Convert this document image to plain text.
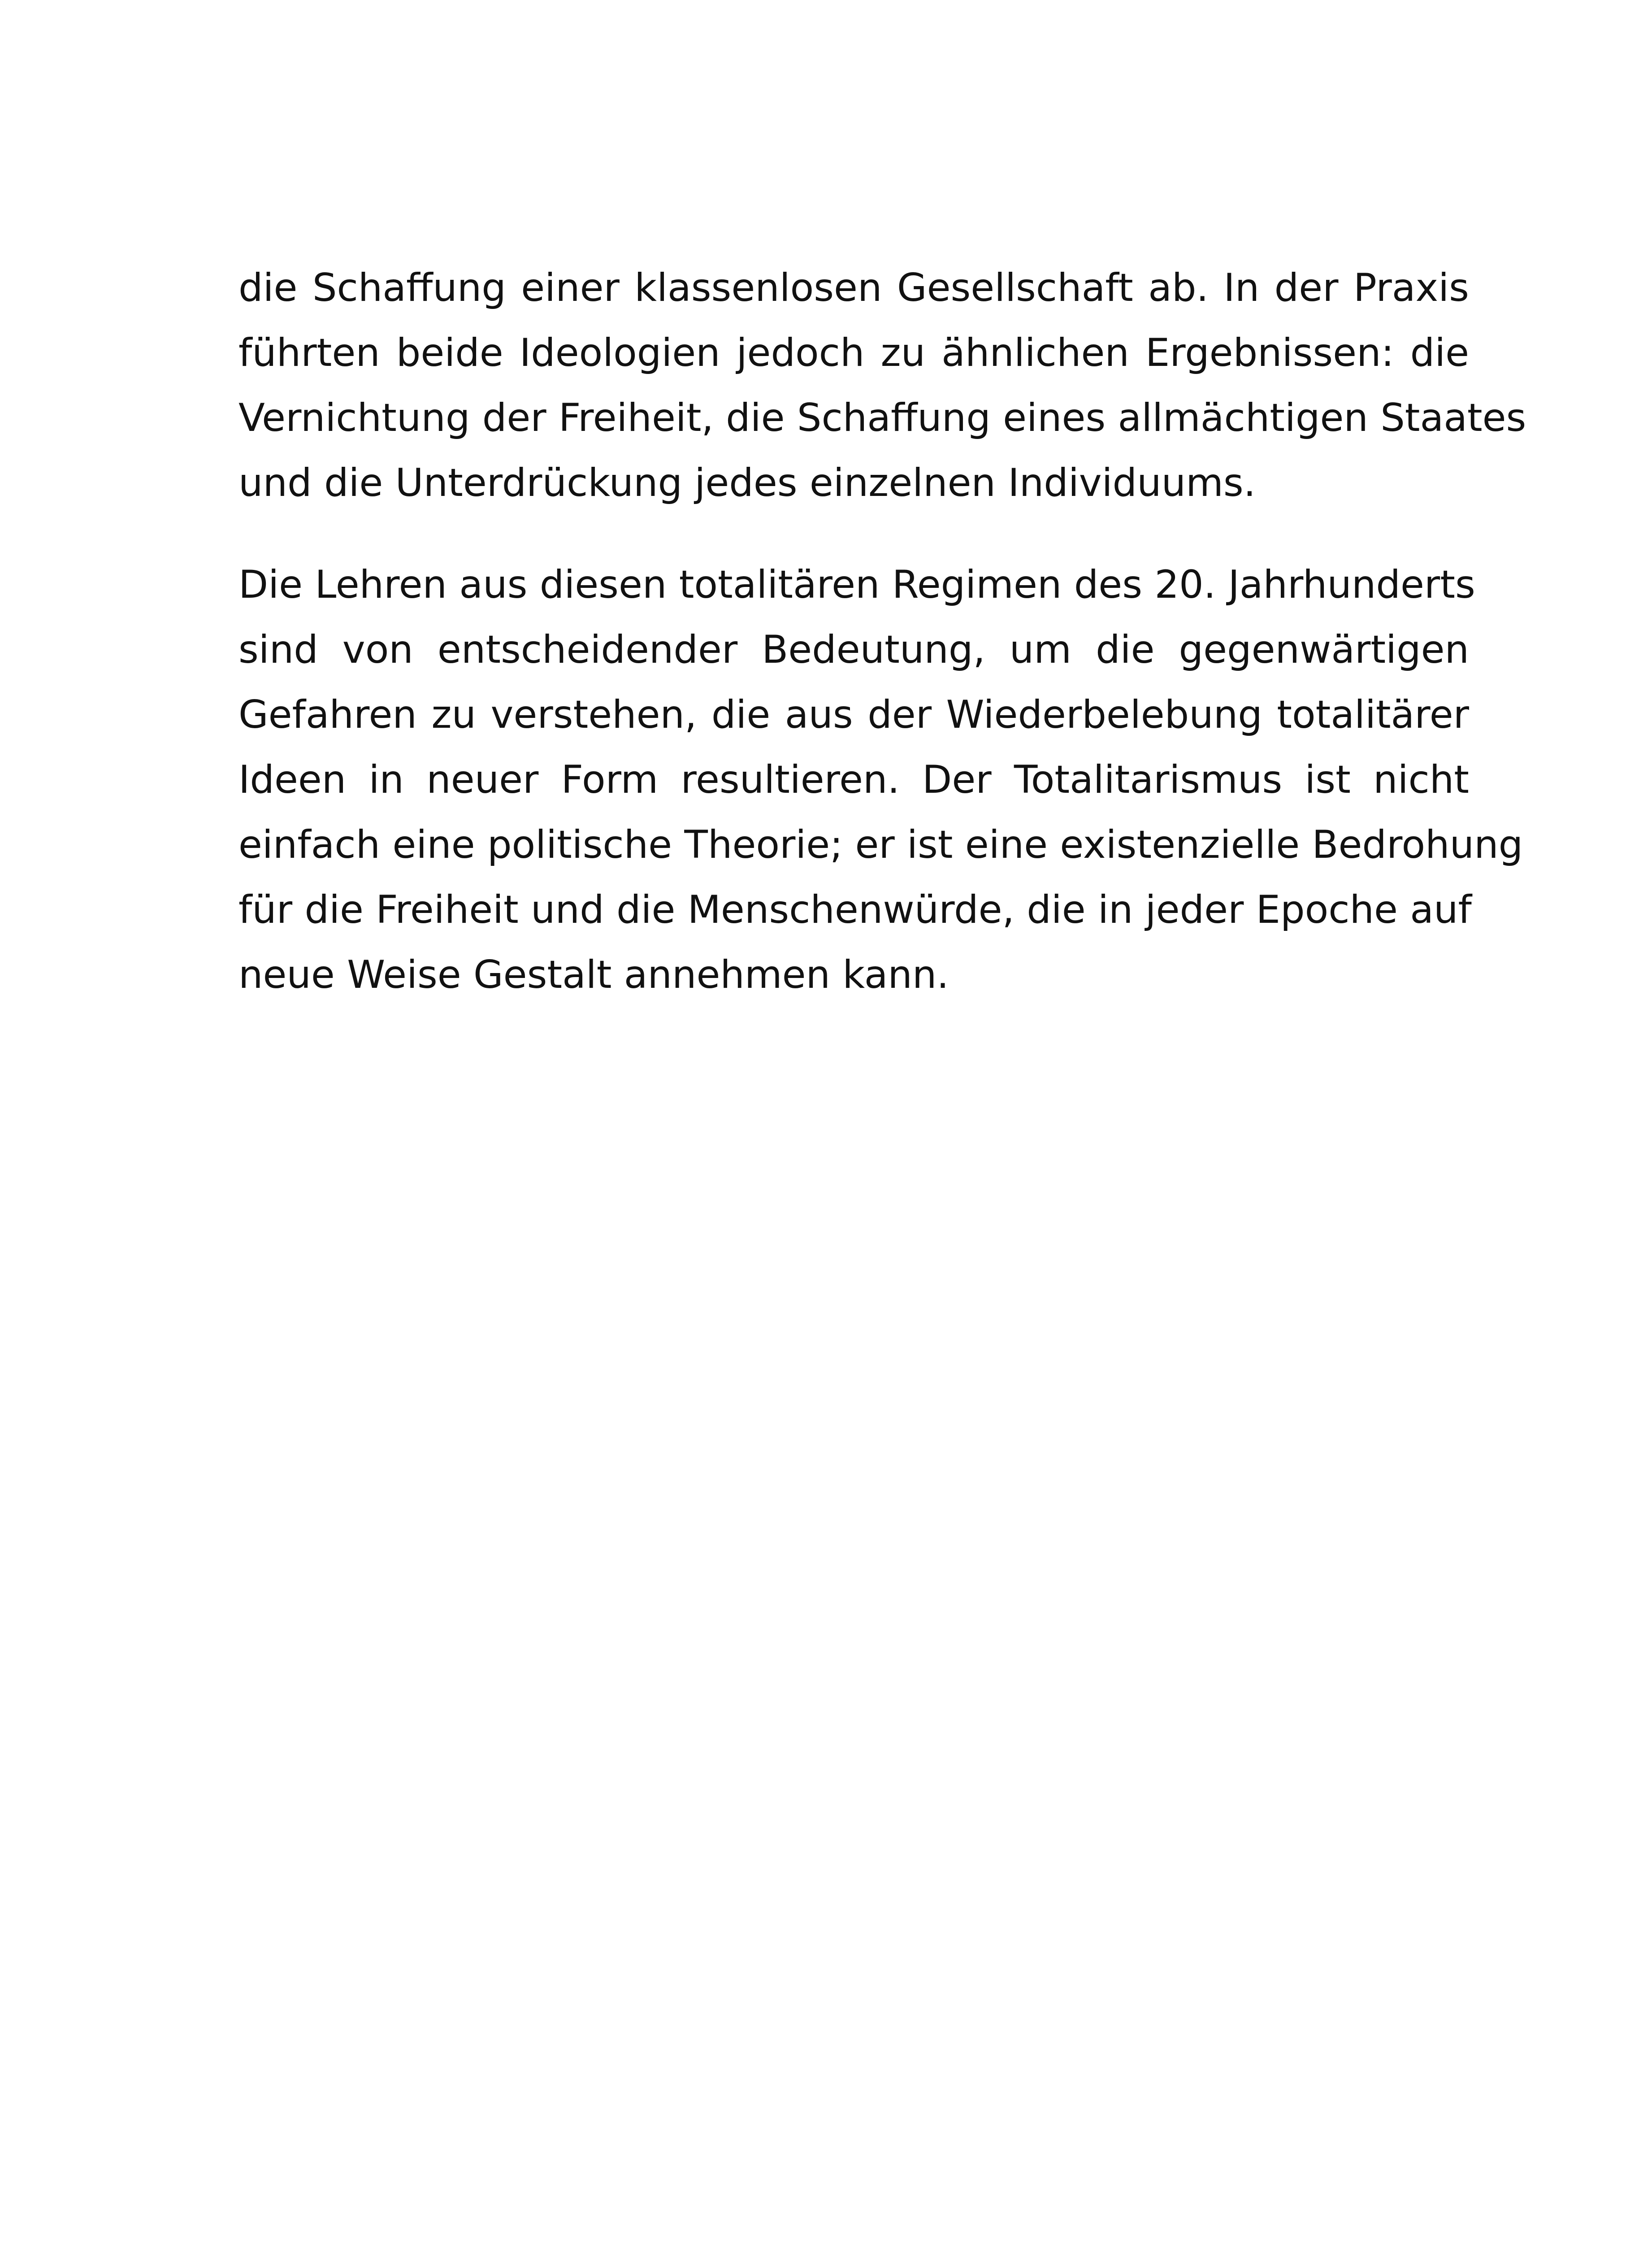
die Schaffung einer klassenlosen Gesellschaft ab. In der Praxis
führten beide Ideologien jedoch zu ähnlichen Ergebnissen: die
Vernichtung der Freiheit, die Schaffung eines allmächtigen Staates
und die Unterdrückung jedes einzelnen Individuums.
Die Lehren aus diesen totalitären Regimen des 20. Jahrhunderts
sind von entscheidender Bedeutung, um die gegenwärtigen
Gefahren zu verstehen, die aus der Wiederbelebung totalitärer
Ideen in neuer Form resultieren. Der Totalitarismus ist nicht
einfach eine politische Theorie; er ist eine existenzielle Bedrohung
für die Freiheit und die Menschenwürde, die in jeder Epoche auf
neue Weise Gestalt annehmen kann.
